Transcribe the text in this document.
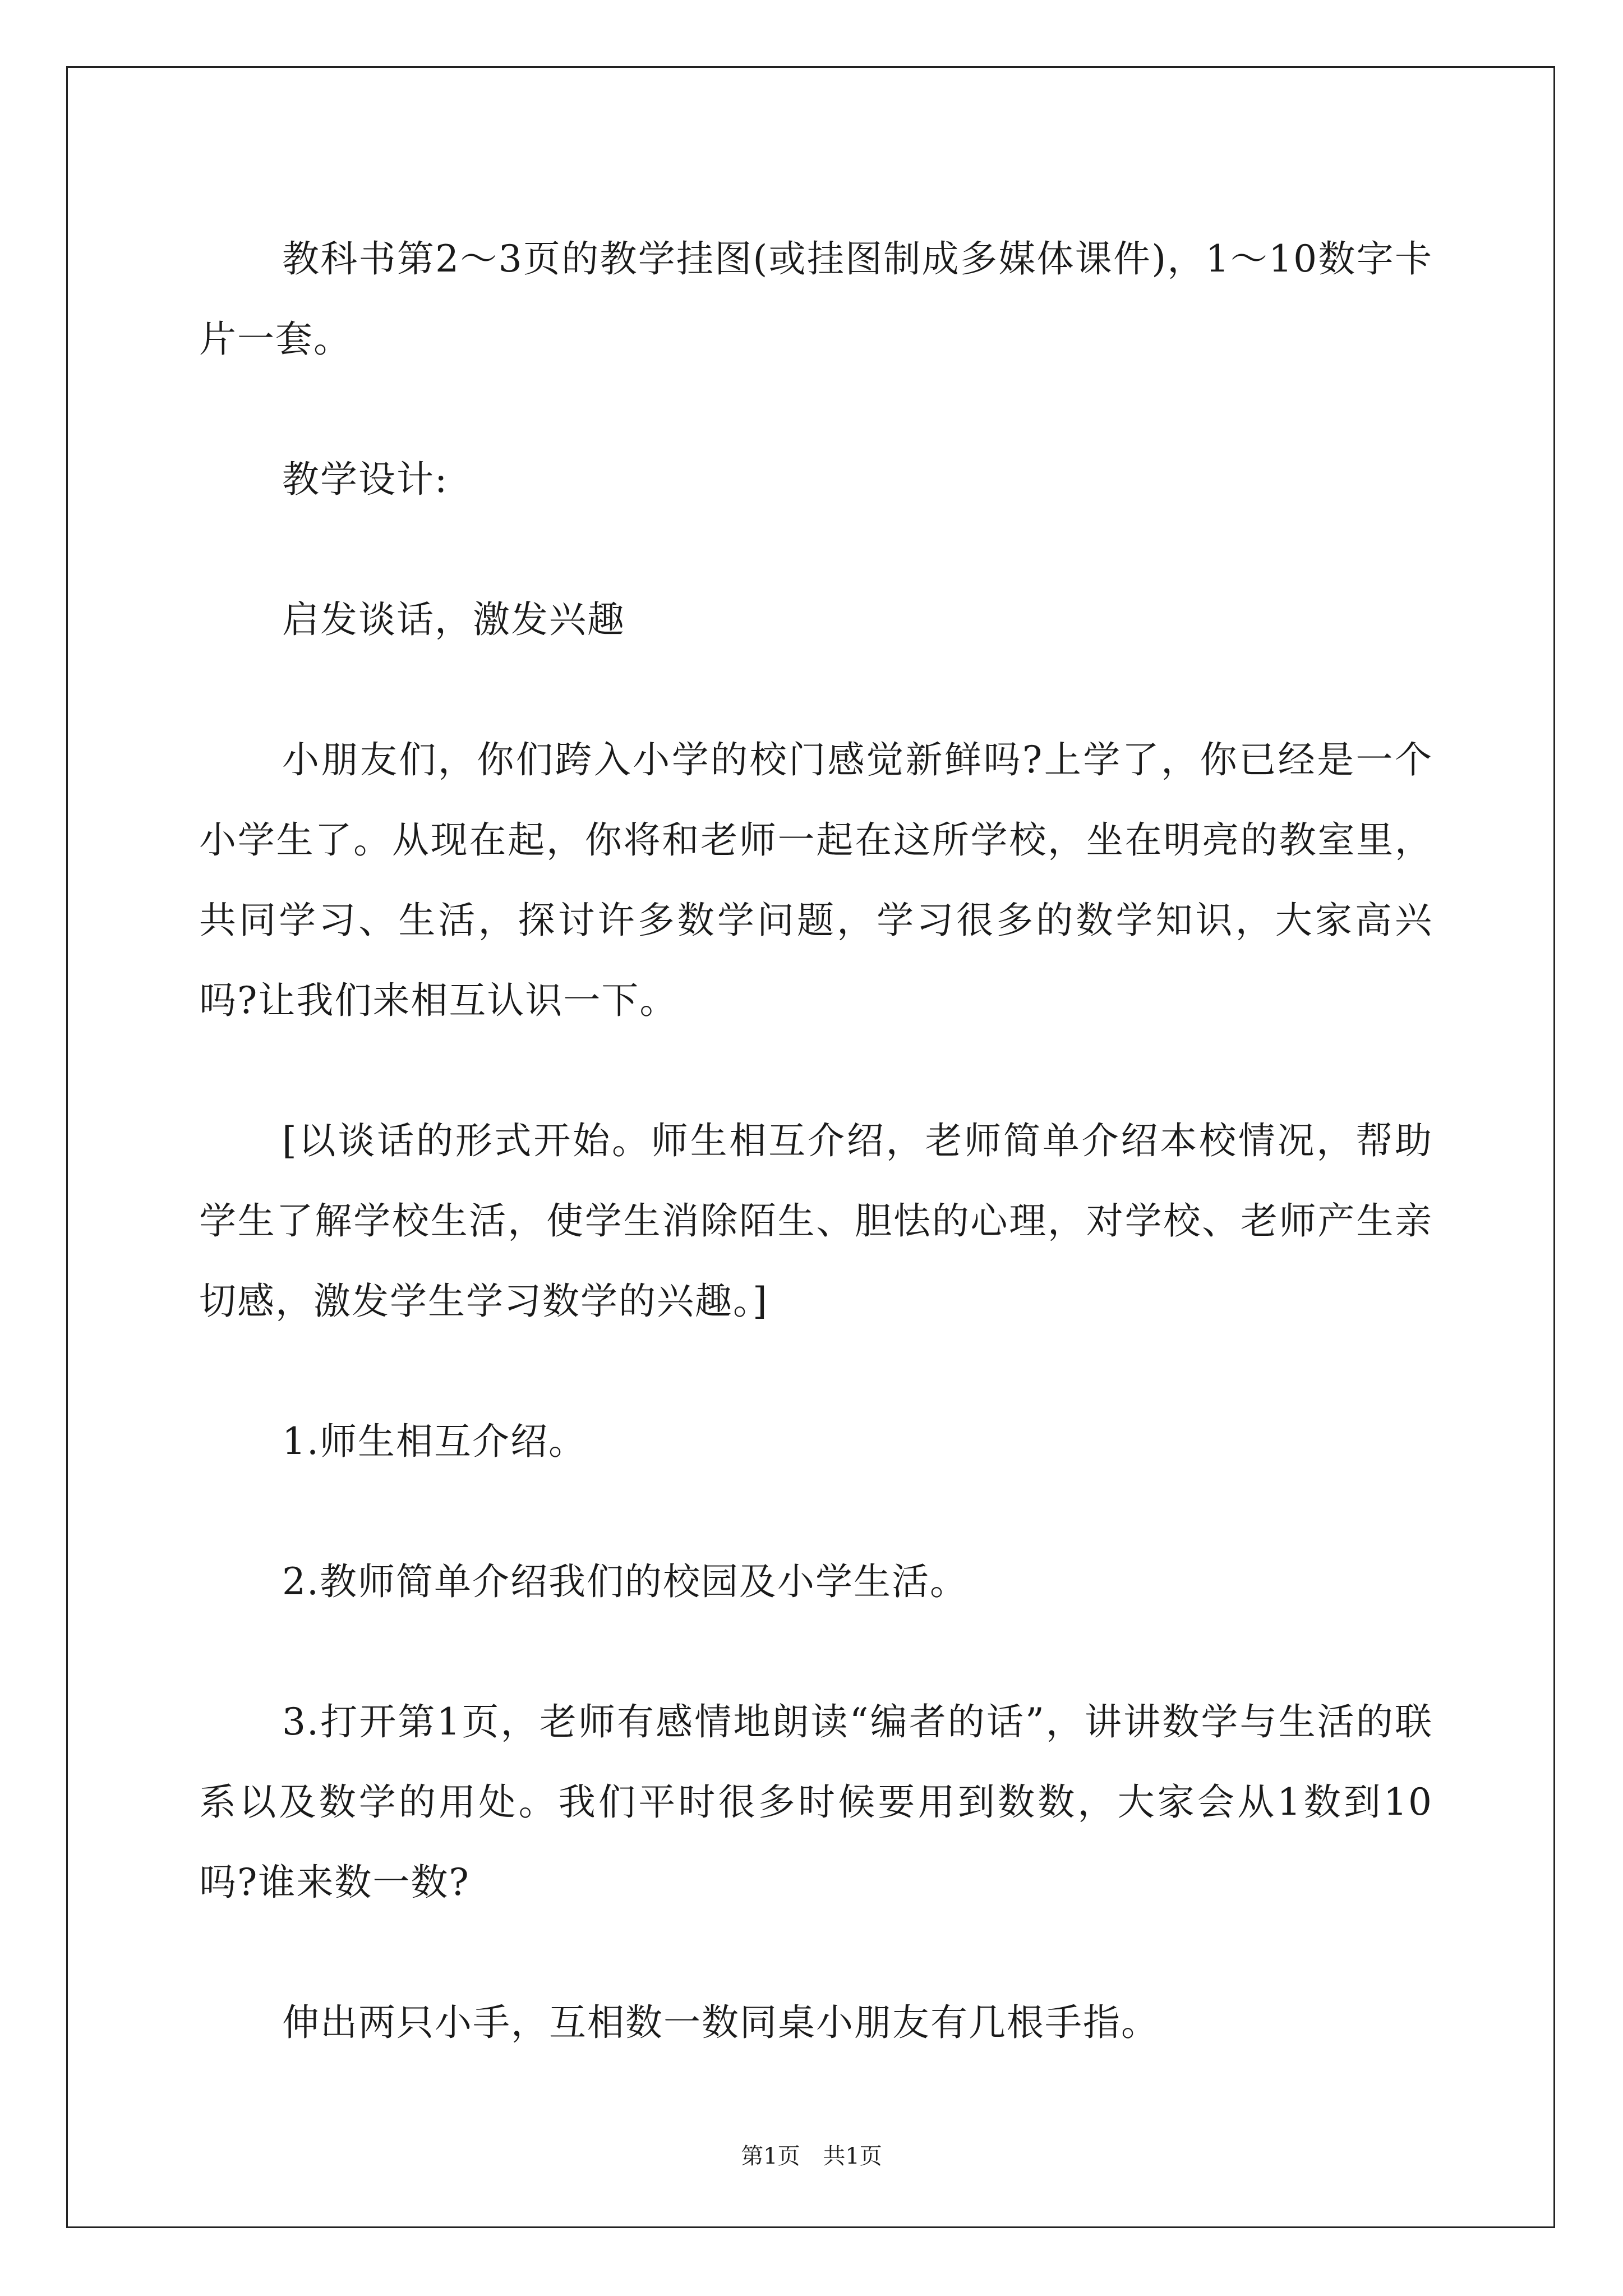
教科书第2～3页的教学挂图(或挂图制成多媒体课件)，1～10数字卡片一套。

教学设计:

启发谈话，激发兴趣

小朋友们，你们跨入小学的校门感觉新鲜吗?上学了，你已经是一个小学生了。从现在起，你将和老师一起在这所学校，坐在明亮的教室里，共同学习、生活，探讨许多数学问题，学习很多的数学知识，大家高兴吗?让我们来相互认识一下。

[以谈话的形式开始。师生相互介绍，老师简单介绍本校情况，帮助学生了解学校生活，使学生消除陌生、胆怯的心理，对学校、老师产生亲切感，激发学生学习数学的兴趣。]

1.师生相互介绍。

2.教师简单介绍我们的校园及小学生活。

3.打开第1页，老师有感情地朗读“编者的话”，讲讲数学与生活的联系以及数学的用处。我们平时很多时候要用到数数，大家会从1数到10吗?谁来数一数?

伸出两只小手，互相数一数同桌小朋友有几根手指。

第1页 共1页
